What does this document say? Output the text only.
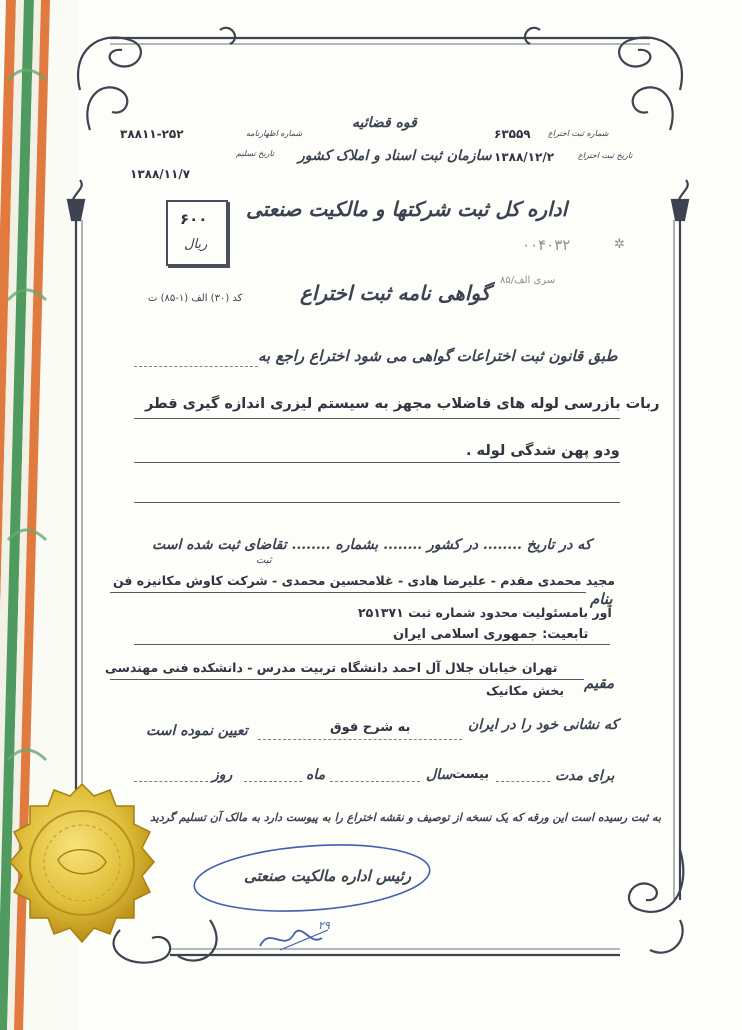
قوه قضائیه
سازمان ثبت اسناد و املاک کشور
شماره ثبت اختراع
۶۳۵۵۹
تاریخ ثبت اختراع
۱۳۸۸/۱۲/۲
شماره اظهارنامه
۳۸۸۱۱-۲۵۲
تاریخ تسلیم
۱۳۸۸/۱۱/۷
اداره کل ثبت شرکتها و مالکیت صنعتی
۶۰۰
ریال	۰۰۴۰۳۲	✲
سری الف/۸۵
گواهی نامه ثبت اختراع
کد (۳۰) الف (۱-۸۵) ت
طبق قانون ثبت اختراعات گواهی می شود اختراع راجع به
ربات بازرسی لوله های فاضلاب مجهز به سیستم لیزری اندازه گیری قطر
ودو پهن شدگی لوله .
که در تاریخ ........ در کشور ........ بشماره ........ تقاضای ثبت شده است
ثبت
بنام
مجید محمدی مقدم - علیرضا هادی - غلامحسین محمدی - شرکت کاوش مکانیزه فن
آور بامسئولیت محدود شماره ثبت ۲۵۱۳۷۱
تابعیت: جمهوری اسلامی ایران
مقیم
تهران خیابان جلال آل احمد دانشگاه تربیت مدرس - دانشکده فنی مهندسی
بخش مکانیک
که نشانی خود را در ایران
به شرح فوق
تعیین نموده است
برای مدت
بیست
سال
ماه
روز
به ثبت رسیده است این ورقه که یک نسخه از توصیف و نقشه اختراع را به پیوست دارد به مالک آن تسلیم گردید
رئیس اداره مالکیت صنعتی
۲۹
